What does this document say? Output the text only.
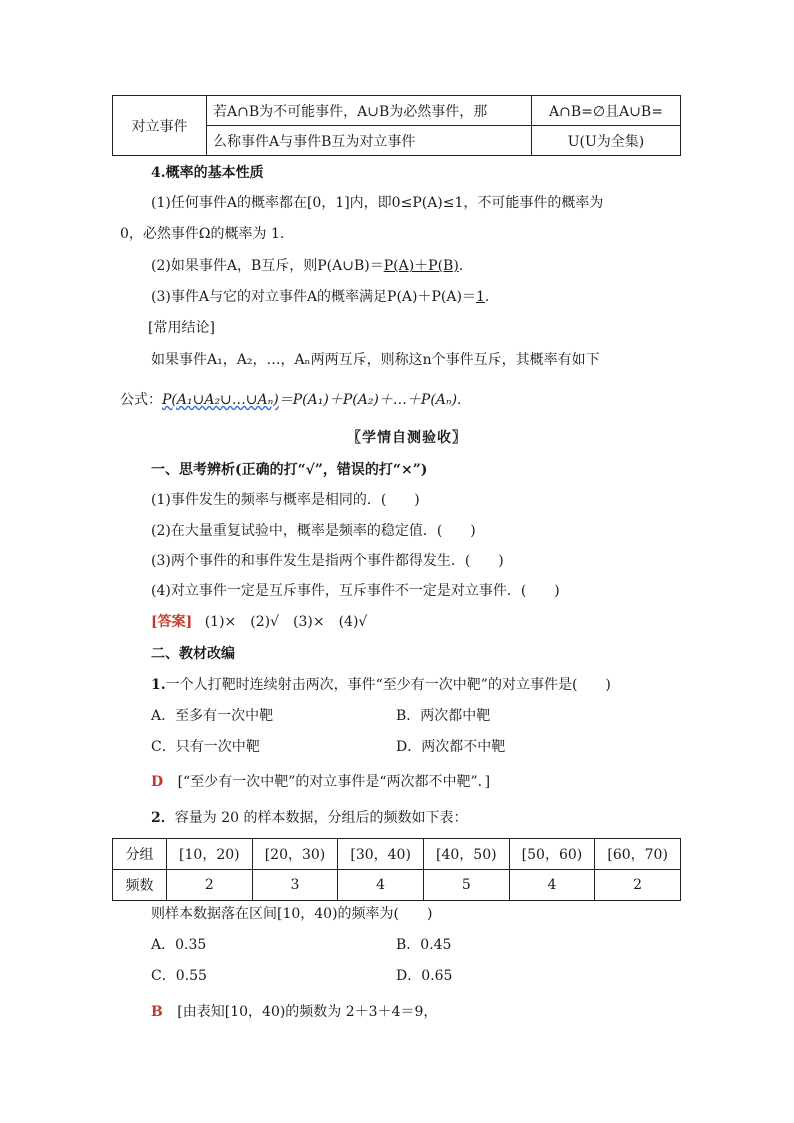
对立事件	若A∩B为不可能事件，A∪B为必然事件，那	A∩B=∅且A∪B=
	么称事件A与事件B互为对立事件	U(U为全集)
4.概率的基本性质
(1)任何事件A的概率都在[0，1]内，即0≤P(A)≤1，不可能事件的概率为
0，必然事件Ω的概率为 1.
(2)如果事件A，B互斥，则P(A∪B)＝P(A)＋P(B).
(3)事件A与它的对立事件A的概率满足P(A)＋P(A)＝1.
[常用结论]
如果事件A₁，A₂，…，Aₙ两两互斥，则称这n个事件互斥，其概率有如下
公式：P(A₁∪A₂∪…∪Aₙ)＝P(A₁)＋P(A₂)＋…＋P(Aₙ).
〖学情自测验收〗
一、思考辨析(正确的打“√”，错误的打“×”)
(1)事件发生的频率与概率是相同的．(　　)
(2)在大量重复试验中，概率是频率的稳定值．(　　)
(3)两个事件的和事件发生是指两个事件都得发生．(　　)
(4)对立事件一定是互斥事件，互斥事件不一定是对立事件．(　　)
[答案] (1)×　(2)√　(3)×　(4)√
二、教材改编
1.一个人打靶时连续射击两次，事件“至少有一次中靶”的对立事件是(　　)
A．至多有一次中靶	B．两次都中靶
C．只有一次中靶	D．两次都不中靶
D [“至少有一次中靶”的对立事件是“两次都不中靶”．]
2．容量为 20 的样本数据，分组后的频数如下表：
分组	[10，20)	[20，30)	[30，40)	[40，50)	[50，60)	[60，70)
频数	2	3	4	5	4	2
则样本数据落在区间[10，40)的频率为(　　)
A．0.35	B．0.45
C．0.55	D．0.65
B [由表知[10，40)的频数为 2＋3＋4＝9，
